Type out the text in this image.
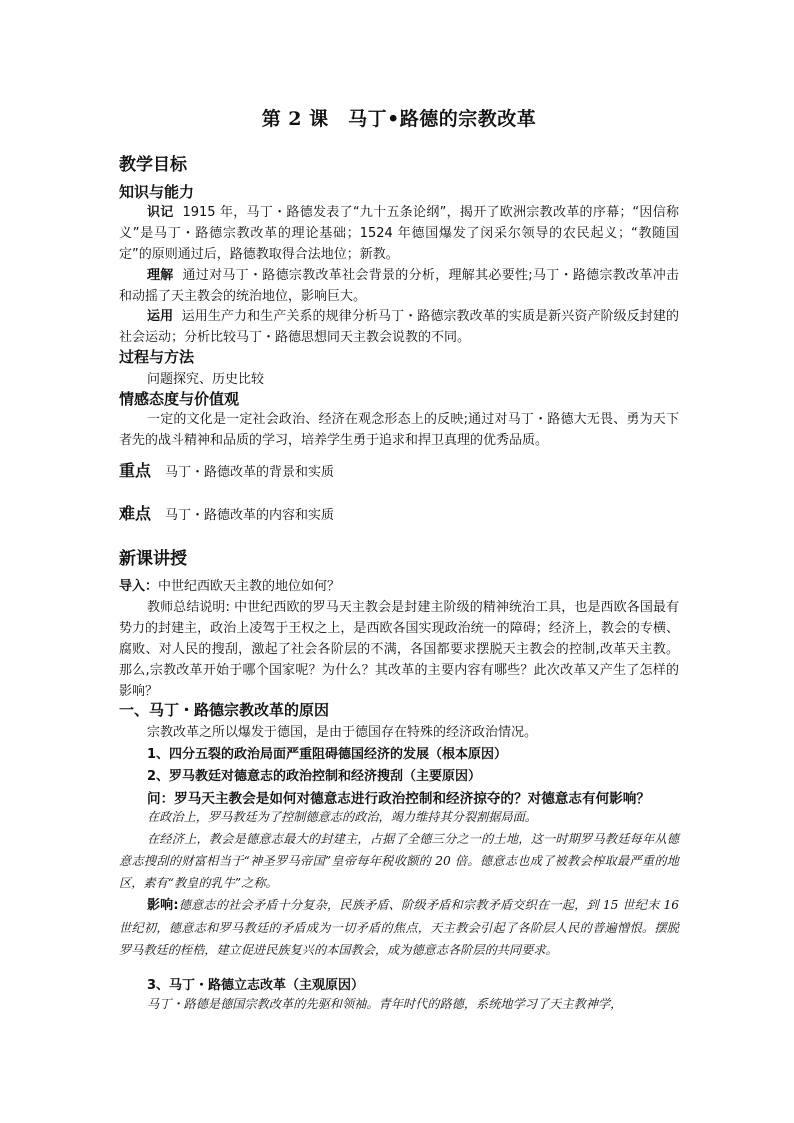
第 2 课　马丁•路德的宗教改革
教学目标
知识与能力
识记 1915 年，马丁・路德发表了“九十五条论纲”，揭开了欧洲宗教改革的序幕；“因信称义”是马丁・路德宗教改革的理论基础；1524 年德国爆发了闵采尔领导的农民起义；“教随国定”的原则通过后，路德教取得合法地位；新教。
理解 通过对马丁・路德宗教改革社会背景的分析，理解其必要性;马丁・路德宗教改革冲击和动摇了天主教会的统治地位，影响巨大。
运用 运用生产力和生产关系的规律分析马丁・路德宗教改革的实质是新兴资产阶级反封建的社会运动；分析比较马丁・路德思想同天主教会说教的不同。
过程与方法
问题探究、历史比较
情感态度与价值观
一定的文化是一定社会政治、经济在观念形态上的反映;通过对马丁・路德大无畏、勇为天下者先的战斗精神和品质的学习，培养学生勇于追求和捍卫真理的优秀品质。
重点 马丁・路德改革的背景和实质
难点 马丁・路德改革的内容和实质
新课讲授
导入：中世纪西欧天主教的地位如何？
教师总结说明: 中世纪西欧的罗马天主教会是封建主阶级的精神统治工具，也是西欧各国最有势力的封建主，政治上凌驾于王权之上，是西欧各国实现政治统一的障碍；经济上，教会的专横、腐败、对人民的搜刮，激起了社会各阶层的不满，各国都要求摆脱天主教会的控制,改革天主教。那么,宗教改革开始于哪个国家呢？为什么？其改革的主要内容有哪些？此次改革又产生了怎样的影响？
一、马丁・路德宗教改革的原因
宗教改革之所以爆发于德国，是由于德国存在特殊的经济政治情况。
1、四分五裂的政治局面严重阻碍德国经济的发展（根本原因）
2、罗马教廷对德意志的政治控制和经济搜刮（主要原因）
问：罗马天主教会是如何对德意志进行政治控制和经济掠夺的？对德意志有何影响？
在政治上，罗马教廷为了控制德意志的政治，竭力维持其分裂割据局面。
在经济上，教会是德意志最大的封建主，占据了全德三分之一的土地，这一时期罗马教廷每年从德意志搜刮的财富相当于“神圣罗马帝国”皇帝每年税收额的 20 倍。德意志也成了被教会榨取最严重的地区，素有“教皇的乳牛”之称。
影响:德意志的社会矛盾十分复杂，民族矛盾、阶级矛盾和宗教矛盾交织在一起，到 15 世纪末 16 世纪初，德意志和罗马教廷的矛盾成为一切矛盾的焦点，天主教会引起了各阶层人民的普遍憎恨。摆脱罗马教廷的桎梏，建立促进民族复兴的本国教会，成为德意志各阶层的共同要求。
3、马丁・路德立志改革（主观原因）
马丁・路德是德国宗教改革的先驱和领袖。青年时代的路德，系统地学习了天主教神学，
